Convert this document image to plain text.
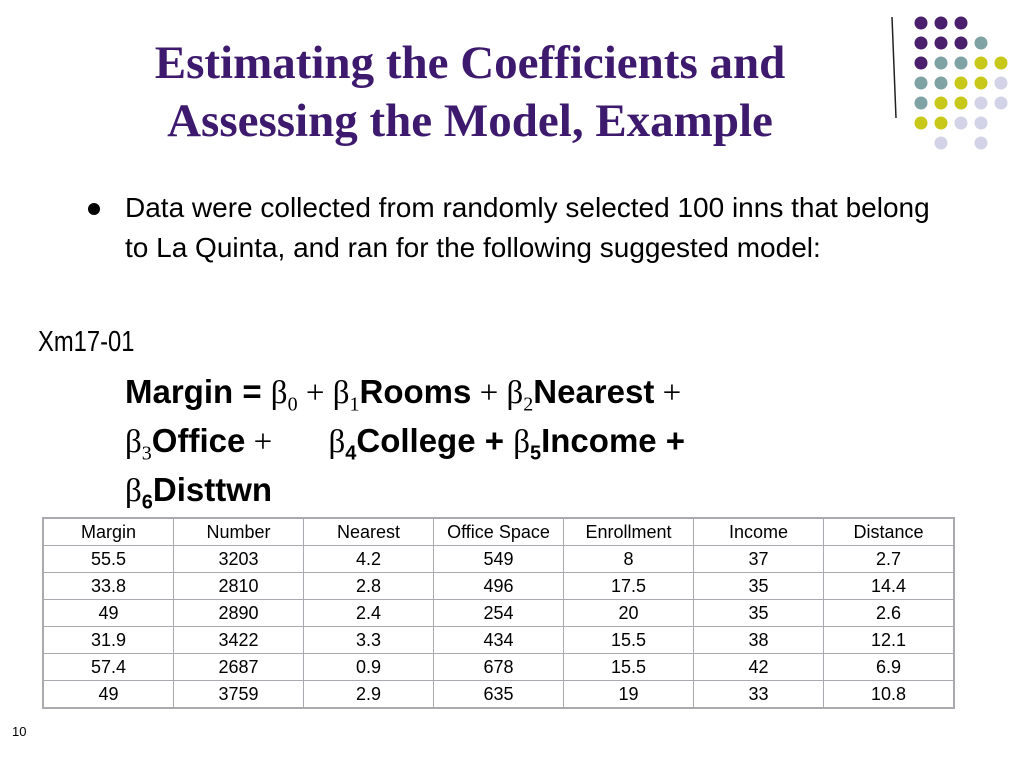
Estimating the Coefficients and
Assessing the Model, Example
Data were collected from randomly selected 100 inns that belong to La Quinta, and ran for the following suggested model:
Xm17-01
Margin = $\beta_0$ + $\beta_1Rooms$ + $\beta_2Nearest$ +
$\beta_3Office$ + $\beta_4College$ + $\beta_5Income$ +
$\beta_6Disttwn$
Margin	Number	Nearest	Office Space	Enrollment	Income	Distance
55.5	3203	4.2	549	8	37	2.7
33.8	2810	2.8	496	17.5	35	14.4
49	2890	2.4	254	20	35	2.6
31.9	3422	3.3	434	15.5	38	12.1
57.4	2687	0.9	678	15.5	42	6.9
49	3759	2.9	635	19	33	10.8
10
